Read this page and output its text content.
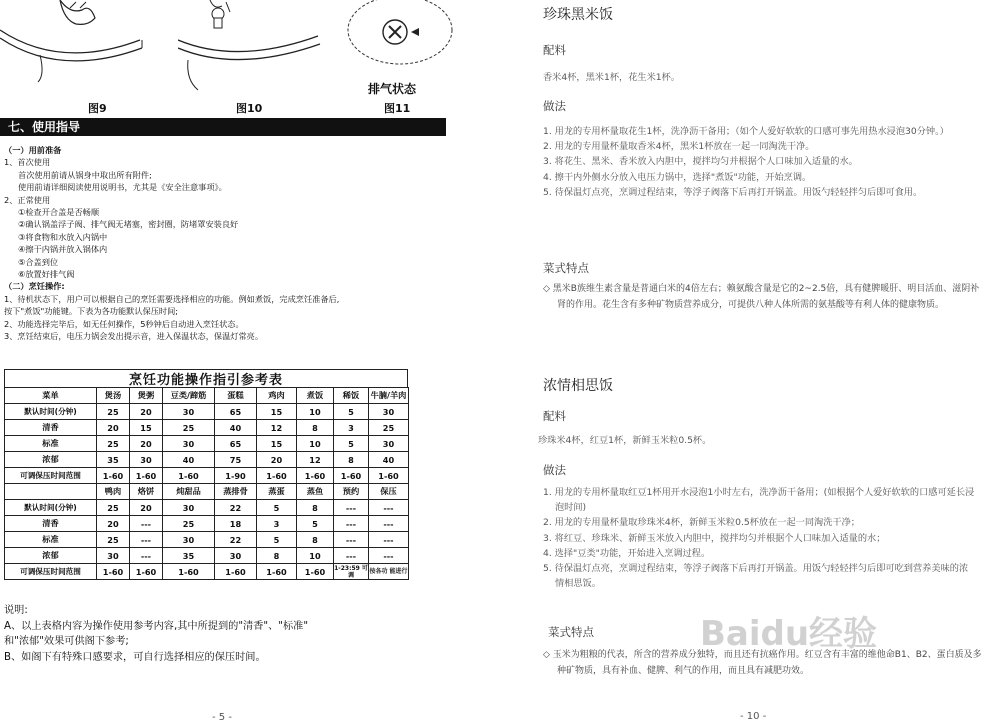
排气状态
图9	图10	图11
七、使用指导
（一）用前准备
1、首次使用
首次使用前请从锅身中取出所有附件;
使用前请详细阅读使用说明书，尤其是《安全注意事项》。
2、正常使用
①检查开合盖是否畅顺
②确认锅盖浮子阀、排气阀无堵塞，密封圈，防堵罩安装良好
③将食物和水放入内锅中
④擦干内锅并放入锅体内
⑤合盖到位
⑥放置好排气阀
（二）烹饪操作:
1、待机状态下，用户可以根据自己的烹饪需要选择相应的功能。例如煮饭，完成烹饪准备后,
按下"煮饭"功能键。下表为各功能默认保压时间;
2、功能选择完毕后，如无任何操作，5秒钟后自动进入烹饪状态。
3、烹饪结束后，电压力锅会发出提示音，进入保温状态，保温灯常亮。
烹饪功能操作指引参考表
菜单	煲汤	煲粥	豆类/蹄筋	蛋糕	鸡肉	煮饭	稀饭	牛腩/羊肉
默认时间(分钟)	25	20	30	65	15	10	5	30
清香	20	15	25	40	12	8	3	25
标准	25	20	30	65	15	10	5	30
浓郁	35	30	40	75	20	12	8	40
可调保压时间范围	1-60	1-60	1-60	1-90	1-60	1-60	1-60	1-60
	鸭肉	烙饼	炖甜品	蒸排骨	蒸蛋	蒸鱼	预约	保压
默认时间(分钟)	25	20	30	22	5	8	---	---
清香	20	---	25	18	3	5	---	---
标准	25	---	30	22	5	8	---	---
浓郁	30	---	35	30	8	10	---	---
可调保压时间范围	1-60	1-60	1-60	1-60	1-60	1-60	1-23:59 可调	按各功 能进行
说明:
A、以上表格内容为操作使用参考内容,其中所提到的"清香"、"标准"
和"浓郁"效果可供阁下参考;
B、如阁下有特殊口感要求，可自行选择相应的保压时间。
- 5 -
珍珠黑米饭
配料
香米4杯，黑米1杯，花生米1杯。
做法
1. 用龙的专用杯量取花生1杯，洗净沥干备用；（如个人爱好软软的口感可事先用热水浸泡30分钟。）
2. 用龙的专用量杯量取香米4杯，黑米1杯放在一起一同淘洗干净。
3. 将花生、黑米、香米放入内胆中，搅拌均匀并根据个人口味加入适量的水。
4. 擦干内外侧水分放入电压力锅中，选择"煮饭"功能，开始烹调。
5. 待保温灯点亮，烹调过程结束，等浮子阀落下后再打开锅盖。用饭勺轻轻拌匀后即可食用。
菜式特点
◇ 黑米B族维生素含量是普通白米的4倍左右；赖氨酸含量是它的2~2.5倍，具有健脾暖肝、明目活血、滋阴补肾的作用。花生含有多种矿物质营养成分，可提供八种人体所需的氨基酸等有利人体的健康物质。
浓情相思饭
配料
珍珠米4杯，红豆1杯，新鲜玉米粒0.5杯。
做法
1. 用龙的专用杯量取红豆1杯用开水浸泡1小时左右，洗净沥干备用；(如根据个人爱好软软的口感可延长浸泡时间)
2. 用龙的专用量杯量取珍珠米4杯，新鲜玉米粒0.5杯放在一起一同淘洗干净；
3. 将红豆、珍珠米、新鲜玉米放入内胆中，搅拌均匀并根据个人口味加入适量的水；
4. 选择"豆类"功能，开始进入烹调过程。
5. 待保温灯点亮，烹调过程结束，等浮子阀落下后再打开锅盖。用饭勺轻轻拌匀后即可吃到营养美味的浓情相思饭。
菜式特点
◇ 玉米为粗粮的代表，所含的营养成分独特，而且还有抗癌作用。红豆含有丰富的维他命B1、B2、蛋白质及多种矿物质，具有补血、健脾、利气的作用，而且具有减肥功效。
Baidu经验
- 10 -
